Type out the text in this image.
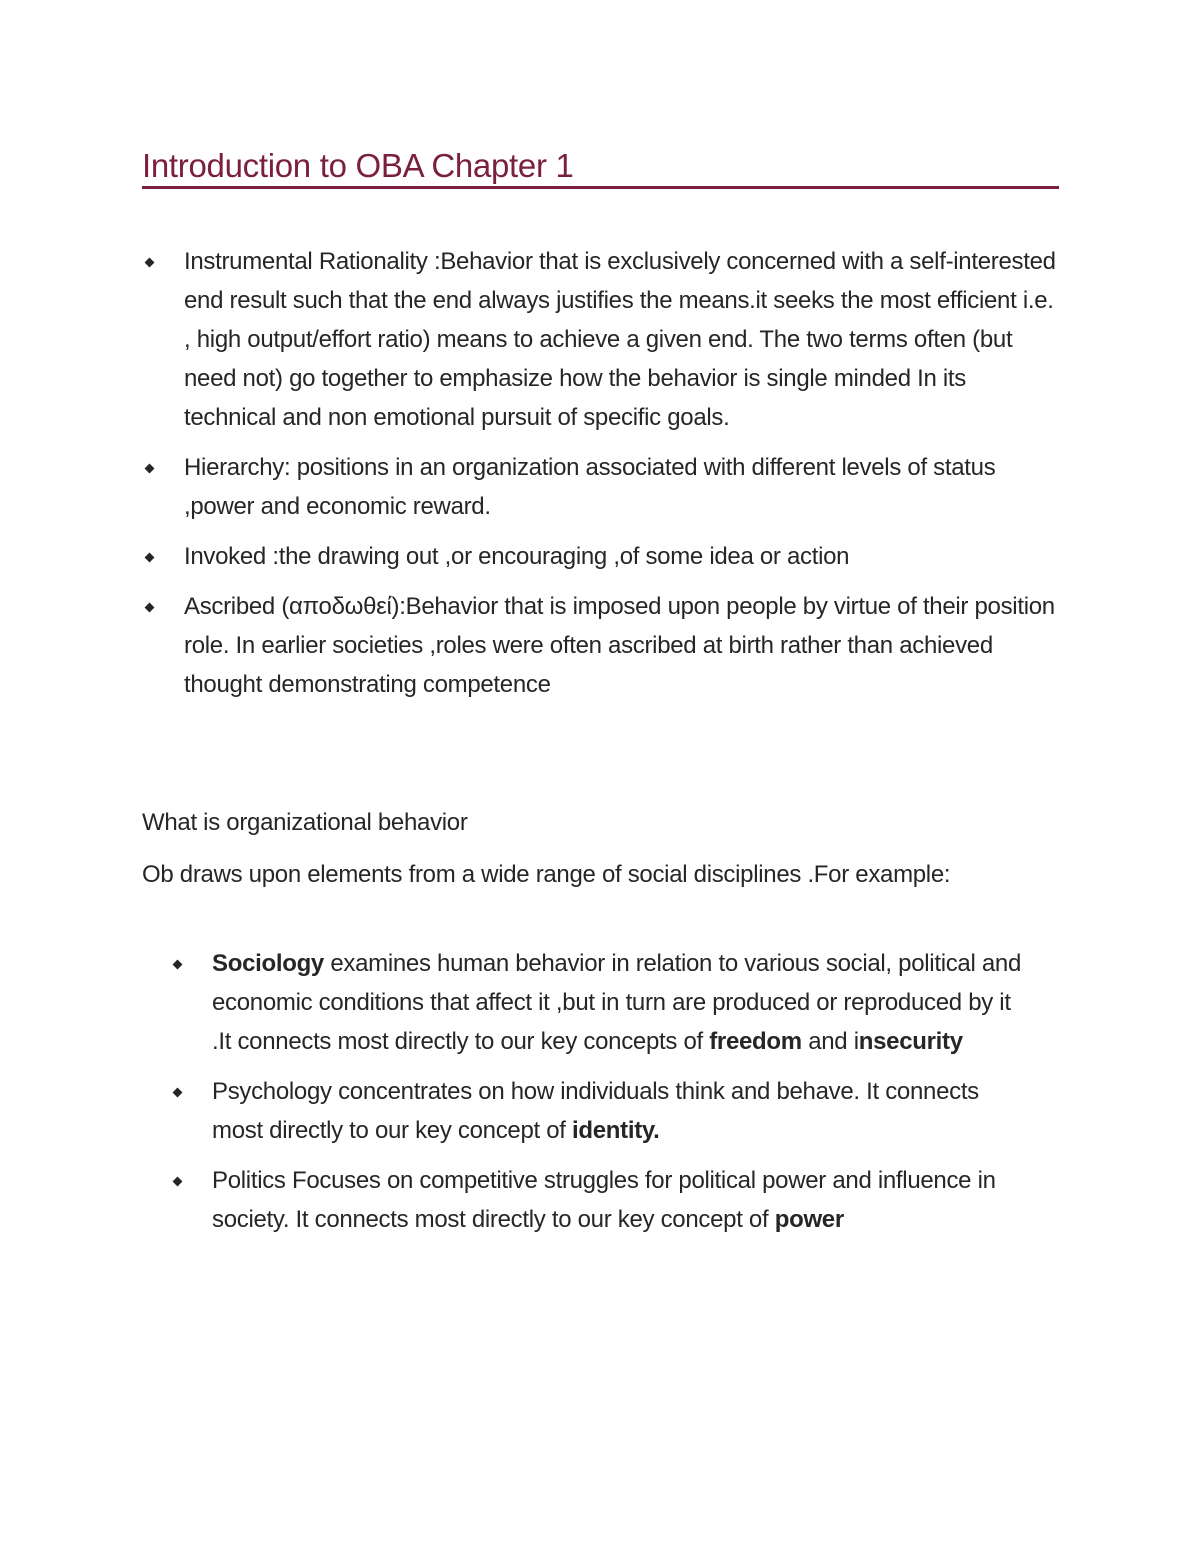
Introduction to OBA Chapter 1
Instrumental Rationality :Behavior that is exclusively concerned with a self-interested end result such that the end always justifies the means.it seeks the most efficient i.e. , high output/effort ratio) means to achieve a given end. The two terms often (but need not) go together to emphasize how the behavior is single minded In its technical and non emotional pursuit of specific goals.
Hierarchy: positions in an organization associated with different levels of status ,power and economic reward.
Invoked :the drawing out ,or encouraging ,of some idea or action
Ascribed (αποδωθεί):Behavior that is imposed upon people by virtue of their position role. In earlier societies ,roles were often ascribed at birth rather than achieved thought demonstrating competence

What is organizational behavior

Ob draws upon elements from a wide range of social disciplines .For example:

Sociology examines human behavior in relation to various social, political and economic conditions that affect it ,but in turn are produced or reproduced by it .It connects most directly to our key concepts of freedom and insecurity
Psychology concentrates on how individuals think and behave. It connects most directly to our key concept of identity.
Politics Focuses on competitive struggles for political power and influence in society. It connects most directly to our key concept of power
